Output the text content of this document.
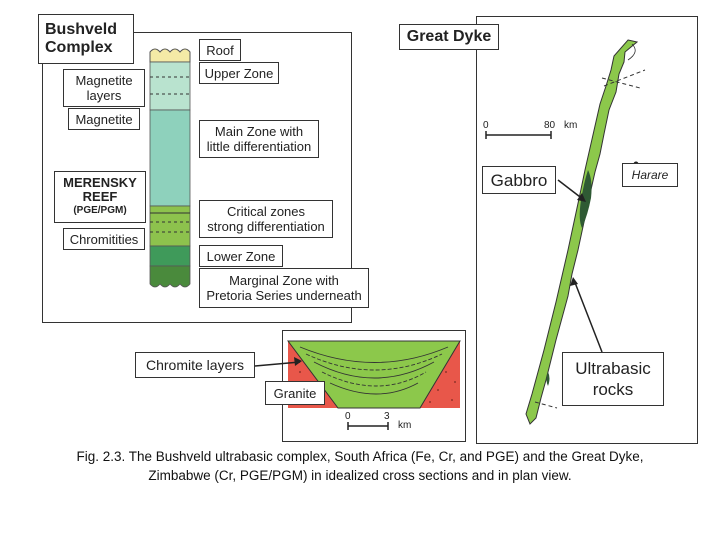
Bushveld
Complex	Roof
Upper Zone
Magnetite
layers
Magnetite
Main Zone with
little differentiation
MERENSKY
REEF
(PGE/PGM)	Critical zones
strong differentiation
Chromitities
Lower Zone
Marginal Zone with
Pretoria Series underneath
0	3
km
Chromite layers
Granite
0	80 km
Great Dyke
Gabbro	Harare
Ultrabasic
rocks
Fig. 2.3. The Bushveld ultrabasic complex, South Africa (Fe, Cr, and PGE) and the Great Dyke,
Zimbabwe (Cr, PGE/PGM) in idealized cross sections and in plan view.
